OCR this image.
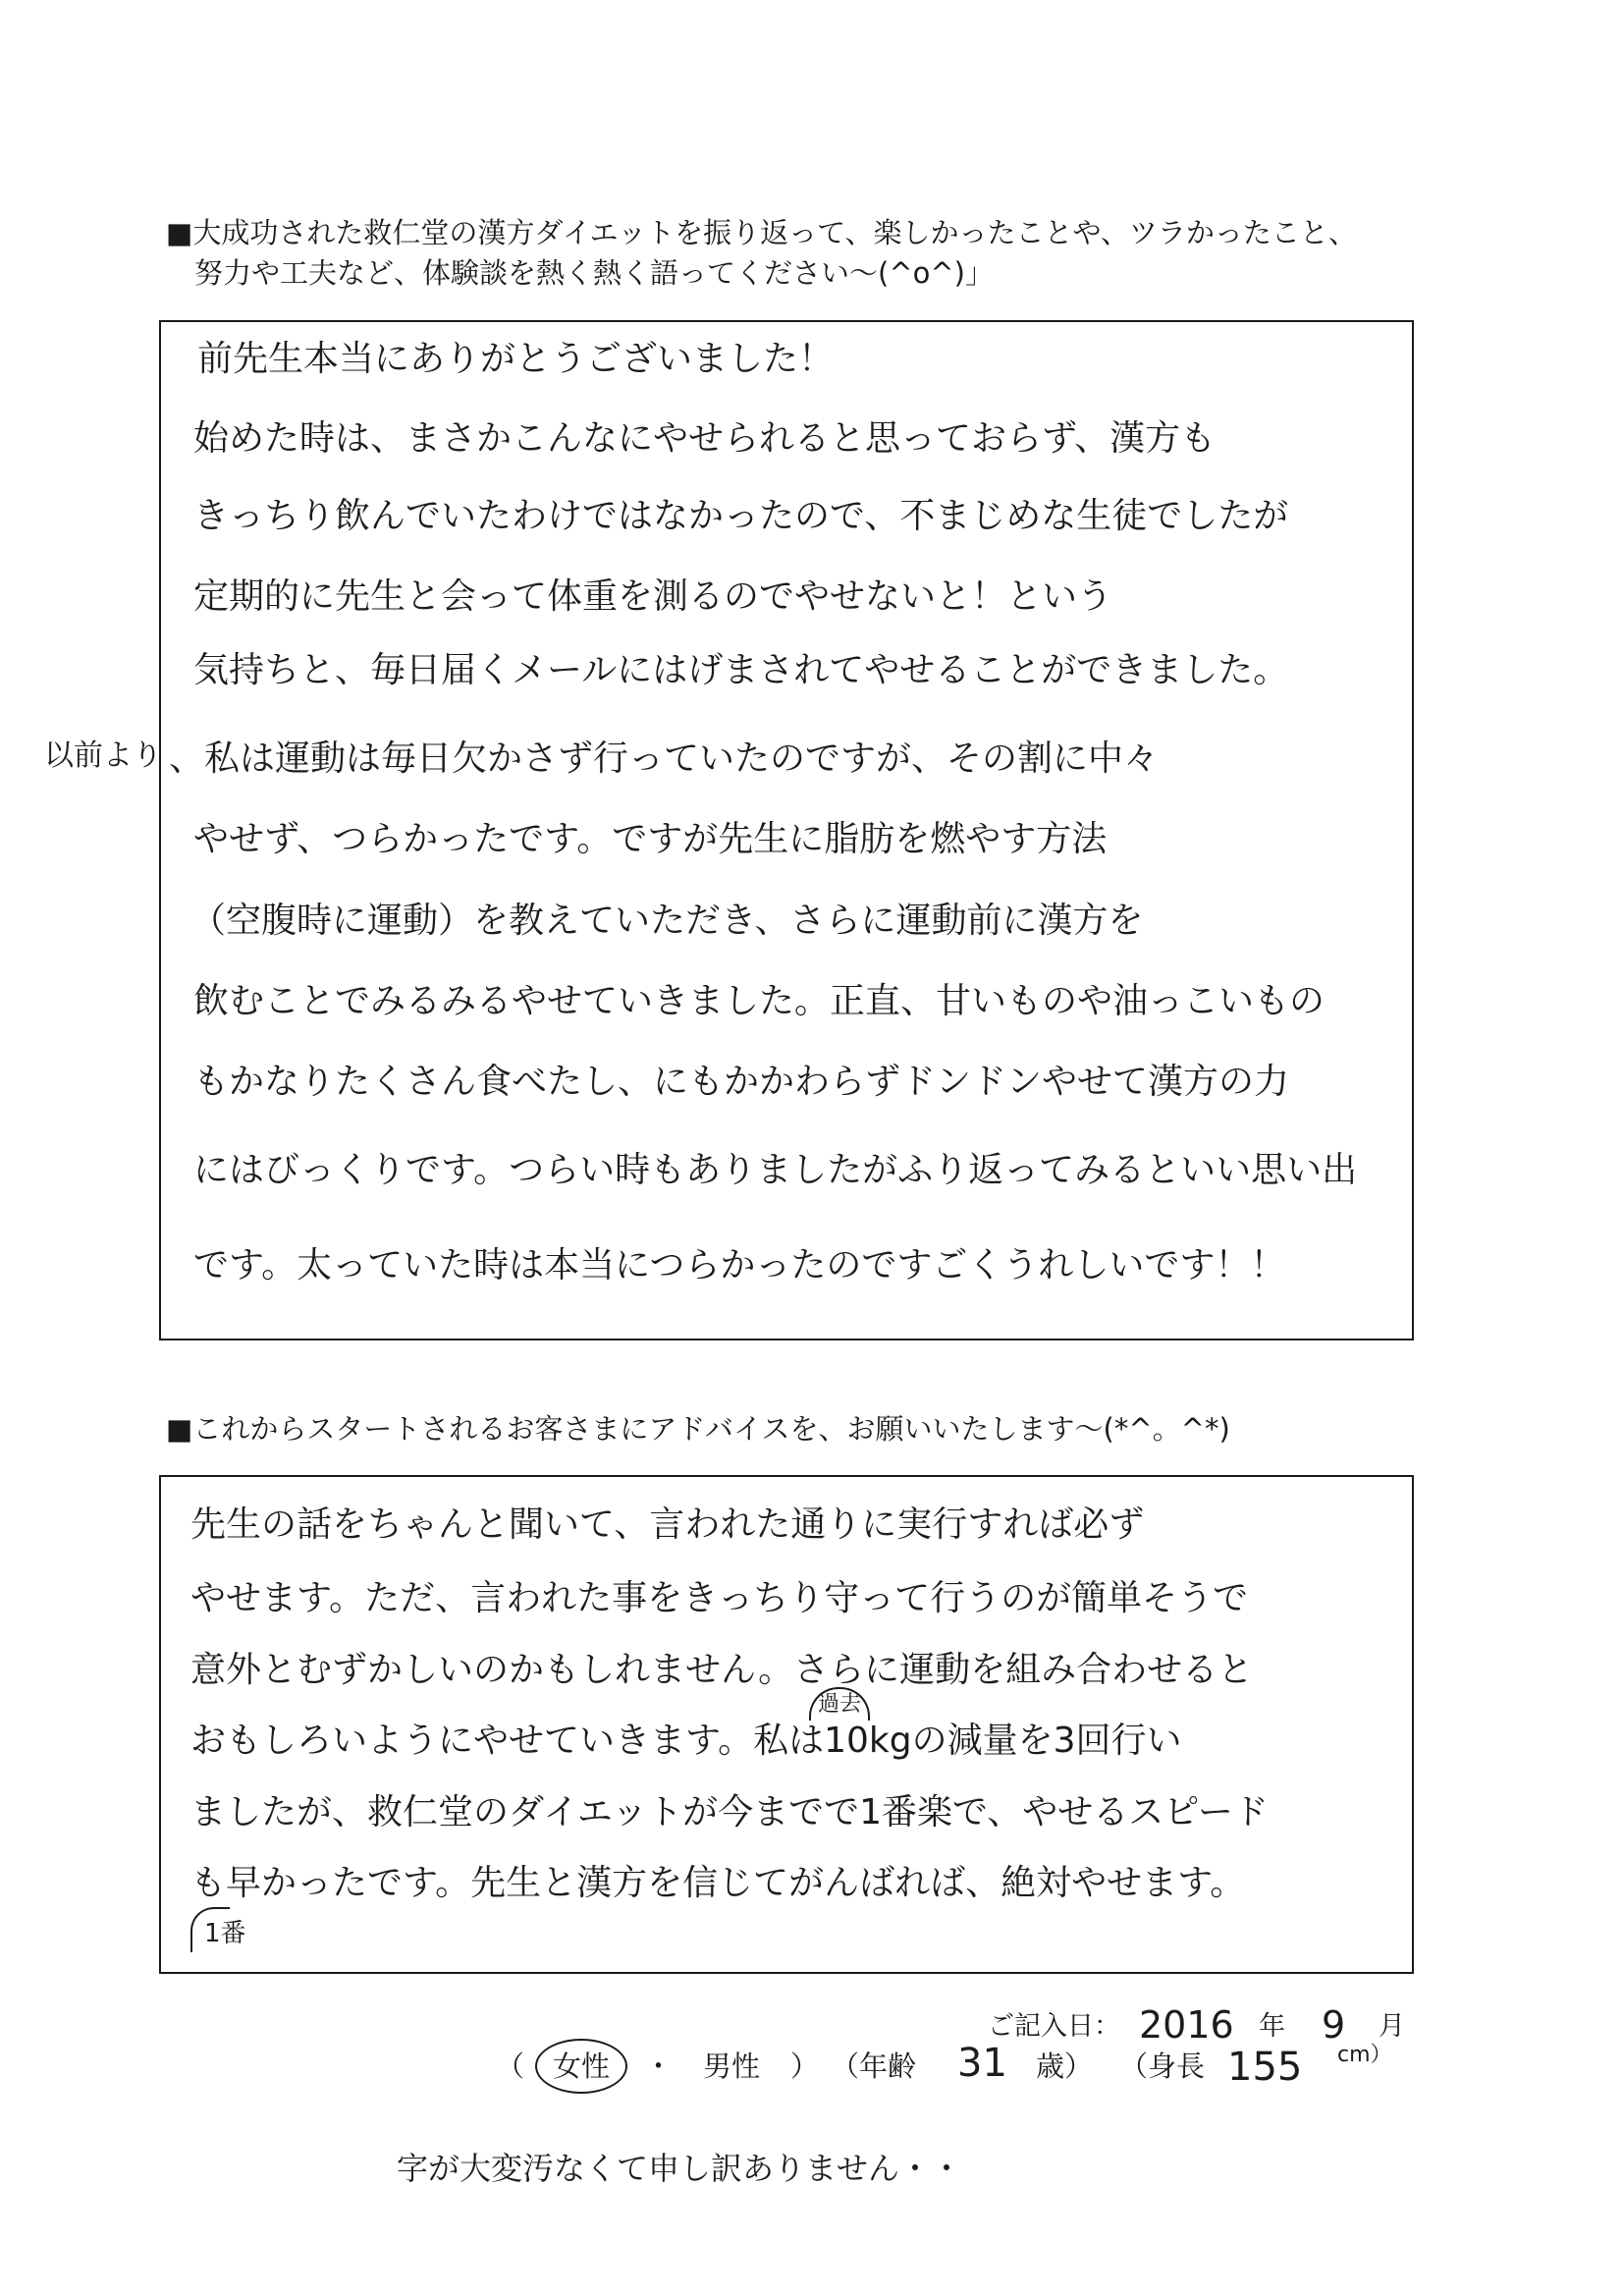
■大成功された救仁堂の漢方ダイエットを振り返って、楽しかったことや、ツラかったこと、
努力や工夫など、体験談を熱く熱く語ってください～(^o^)」
以前より
前先生本当にありがとうございました！
始めた時は、まさかこんなにやせられると思っておらず、漢方も
きっちり飲んでいたわけではなかったので、不まじめな生徒でしたが
定期的に先生と会って体重を測るのでやせないと！という
気持ちと、毎日届くメールにはげまされてやせることができました。
、私は運動は毎日欠かさず行っていたのですが、その割に中々
やせず、つらかったです。ですが先生に脂肪を燃やす方法
（空腹時に運動）を教えていただき、さらに運動前に漢方を
飲むことでみるみるやせていきました。正直、甘いものや油っこいもの
もかなりたくさん食べたし、にもかかわらずドンドンやせて漢方の力
にはびっくりです。つらい時もありましたがふり返ってみるといい思い出
です。太っていた時は本当につらかったのですごくうれしいです！！
■これからスタートされるお客さまにアドバイスを、お願いいたします～(*^。^*)
先生の話をちゃんと聞いて、言われた通りに実行すれば必ず
やせます。ただ、言われた事をきっちり守って行うのが簡単そうで
意外とむずかしいのかもしれません。さらに運動を組み合わせると
おもしろいようにやせていきます。私は10kgの減量を3回行い
ましたが、救仁堂のダイエットが今までで1番楽で、やせるスピード
も早かったです。先生と漢方を信じてがんばれば、絶対やせます。
過去
1番
ご記入日： 2016 年 9 月
（ 女性 ・ 男性 ） （年齢 31 歳） （身長 155 cm）
字が大変汚なくて申し訳ありません・・
